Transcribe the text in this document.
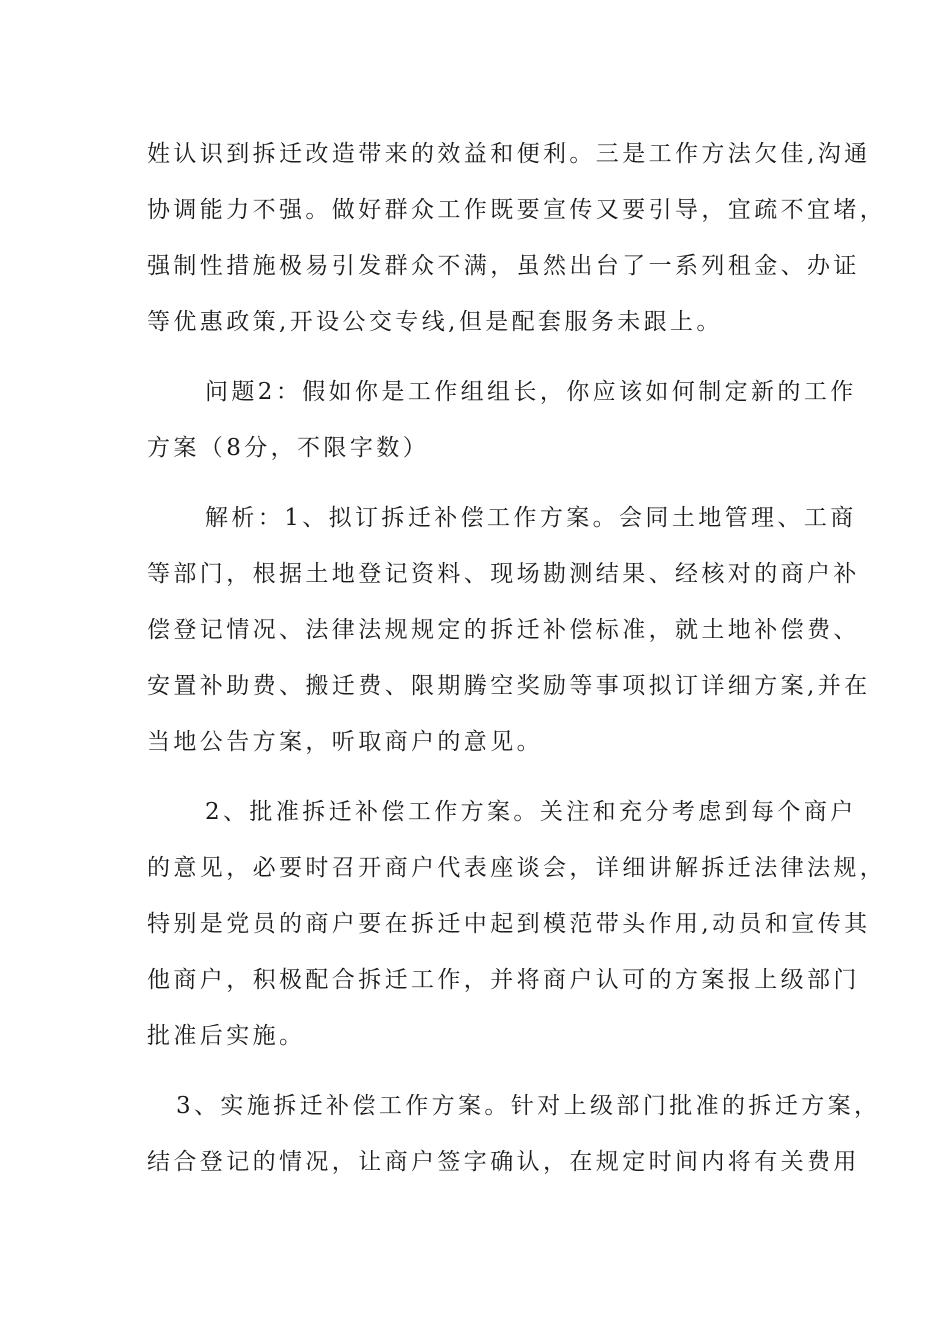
姓认识到拆迁改造带来的效益和便利。三是工作方法欠佳,沟通
协调能力不强。做好群众工作既要宣传又要引导，宜疏不宜堵，
强制性措施极易引发群众不满，虽然出台了一系列租金、办证
等优惠政策,开设公交专线,但是配套服务未跟上。
问题2：假如你是工作组组长，你应该如何制定新的工作
方案（8分，不限字数）
解析：1、拟订拆迁补偿工作方案。会同土地管理、工商
等部门，根据土地登记资料、现场勘测结果、经核对的商户补
偿登记情况、法律法规规定的拆迁补偿标准，就土地补偿费、
安置补助费、搬迁费、限期腾空奖励等事项拟订详细方案,并在
当地公告方案，听取商户的意见。
2、批准拆迁补偿工作方案。关注和充分考虑到每个商户
的意见，必要时召开商户代表座谈会，详细讲解拆迁法律法规，
特别是党员的商户要在拆迁中起到模范带头作用,动员和宣传其
他商户，积极配合拆迁工作，并将商户认可的方案报上级部门
批准后实施。
3、实施拆迁补偿工作方案。针对上级部门批准的拆迁方案，
结合登记的情况，让商户签字确认，在规定时间内将有关费用
